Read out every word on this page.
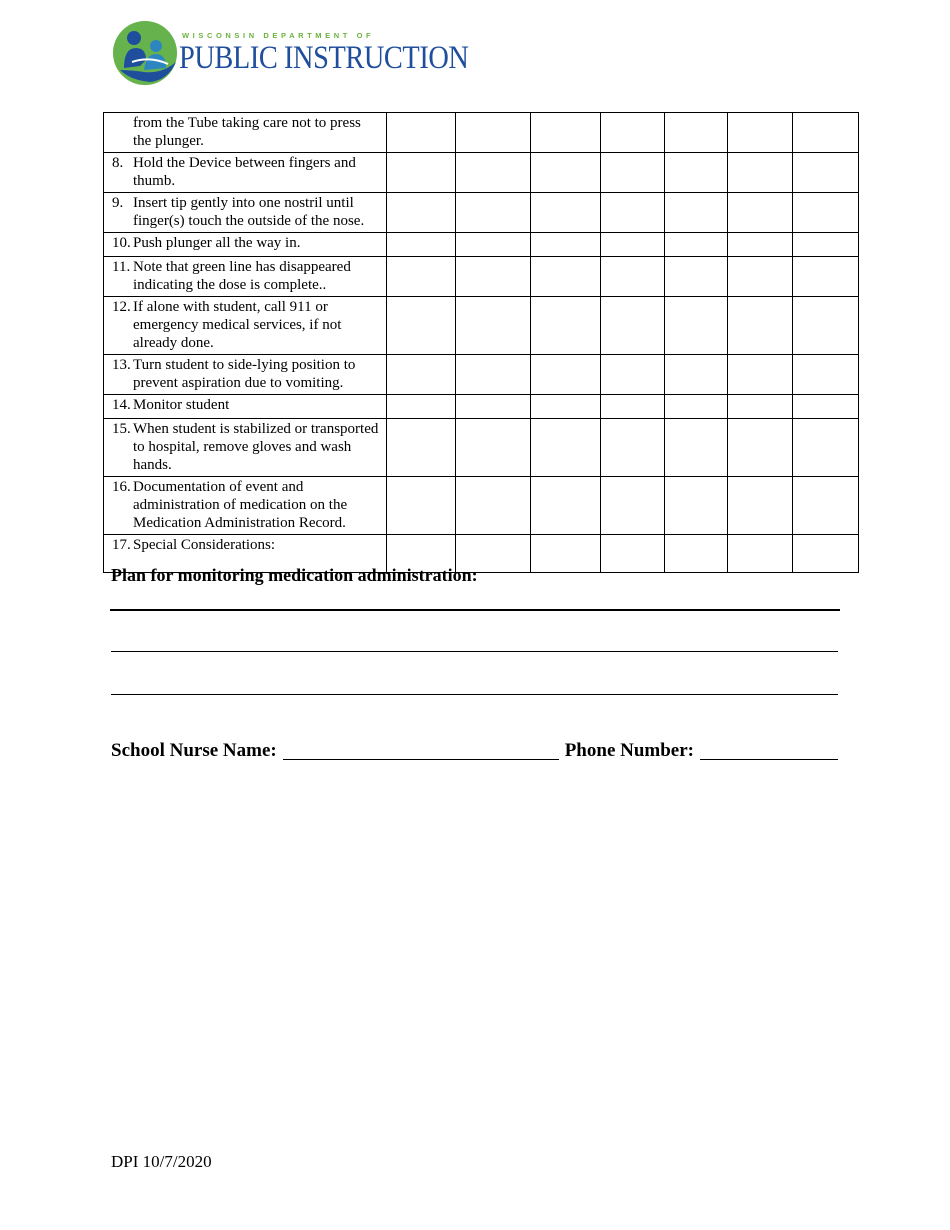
WISCONSIN DEPARTMENT OF
PUBLIC INSTRUCTION
from the Tube taking care not to press the plunger.							

8. Hold the Device between fingers and thumb.							

9. Insert tip gently into one nostril until finger(s) touch the outside of the nose.							

10. Push plunger all the way in.							

11. Note that green line has disappeared indicating the dose is complete..							

12. If alone with student, call 911 or emergency medical services, if not already done.							

13. Turn student to side-lying position to prevent aspiration due to vomiting.							

14. Monitor student							

15. When student is stabilized or transported to hospital, remove gloves and wash hands.							

16. Documentation of event and administration of medication on the Medication Administration Record.							

17. Special Considerations:							

Plan for monitoring medication administration:
School Nurse Name:	Phone Number:
DPI 10/7/2020
